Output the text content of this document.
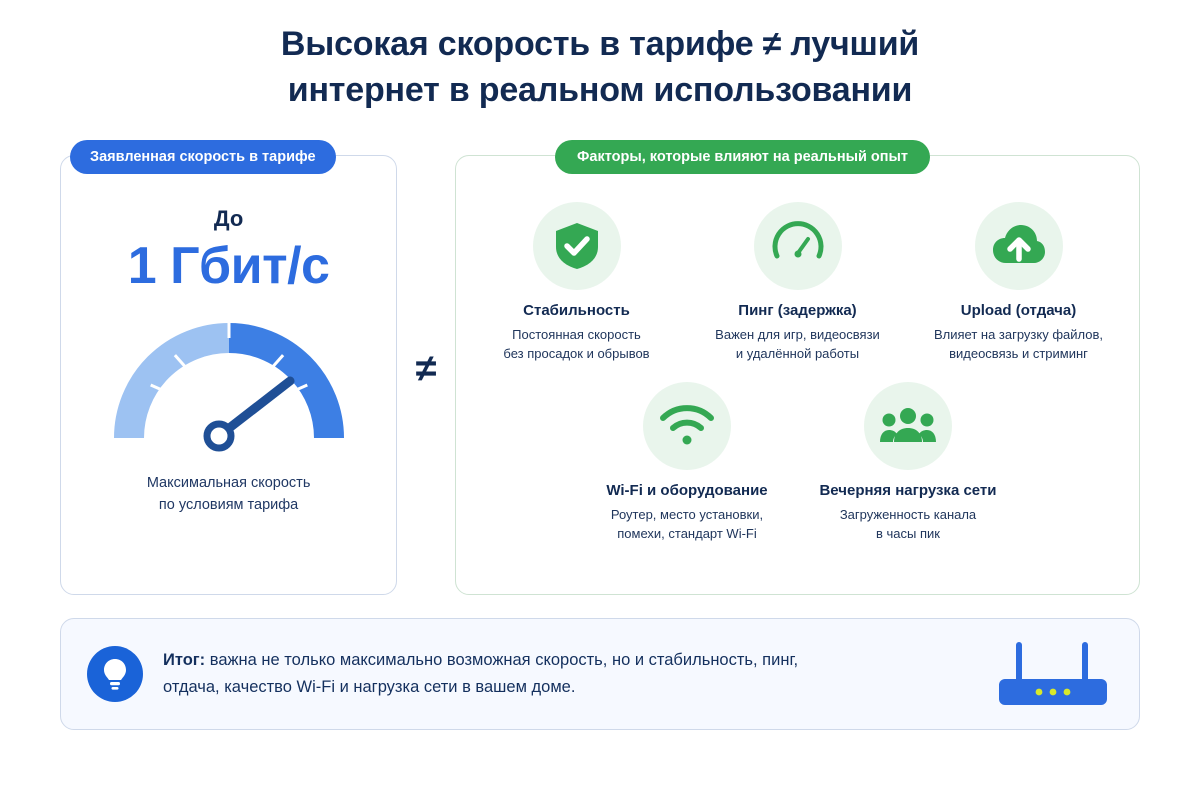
Высокая скорость в тарифе ≠ лучший
интернет в реальном использовании
Заявленная скорость в тарифе
До
1 Гбит/с
Максимальная скорость
по условиям тарифа
≠
Факторы, которые влияют на реальный опыт
Стабильность
Постоянная скорость
без просадок и обрывов
Пинг (задержка)
Важен для игр, видеосвязи
и удалённой работы
Upload (отдача)
Влияет на загрузку файлов,
видеосвязь и стриминг
Wi-Fi и оборудование
Роутер, место установки,
помехи, стандарт Wi-Fi
Вечерняя нагрузка сети
Загруженность канала
в часы пик
Итог: важна не только максимально возможная скорость, но и стабильность, пинг,
отдача, качество Wi-Fi и нагрузка сети в вашем доме.
